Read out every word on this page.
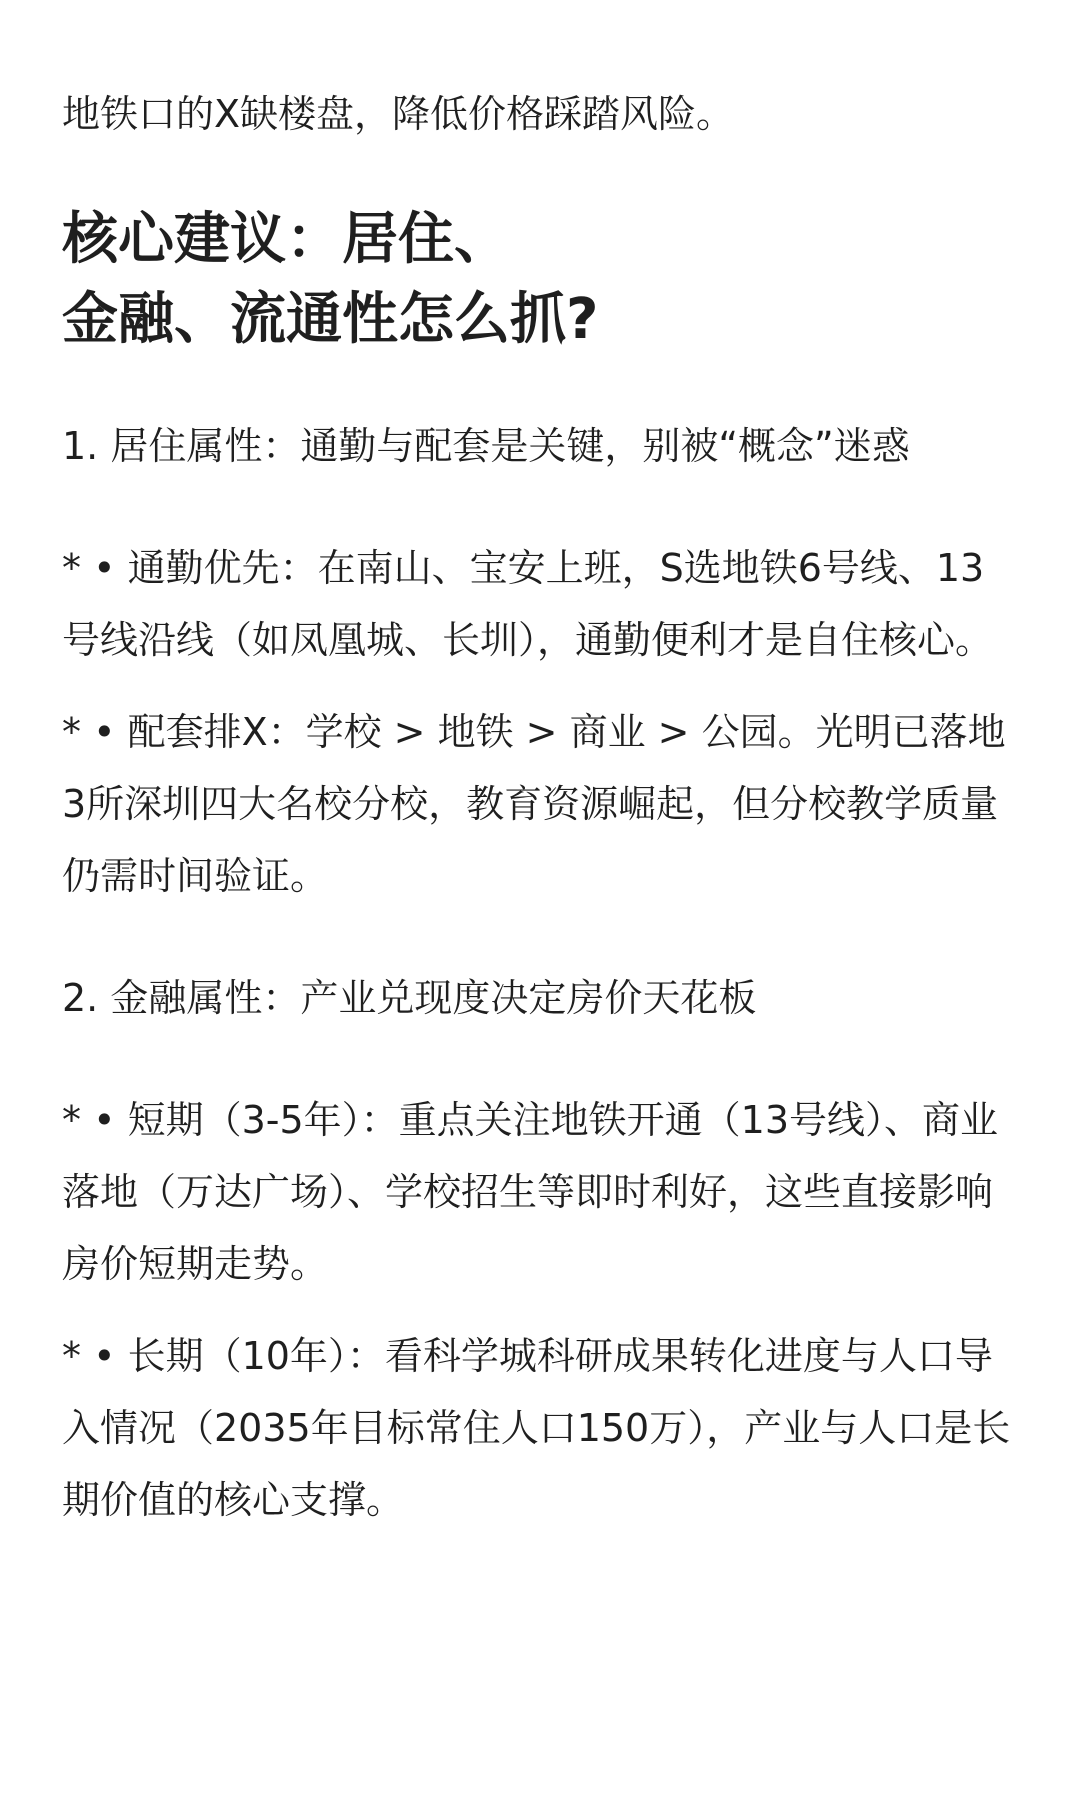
地铁口的X缺楼盘，降低价格踩踏风险。

核心建议：居住、
金融、流通性怎么抓?

1. 居住属性：通勤与配套是关键，别被“概念”迷惑

* • 通勤优先：在南山、宝安上班，S选地铁6号线、13号线沿线（如凤凰城、长圳），通勤便利才是自住核心。

* • 配套排X：学校 > 地铁 > 商业 > 公园。光明已落地3所深圳四大名校分校，教育资源崛起，但分校教学质量仍需时间验证。

2. 金融属性：产业兑现度决定房价天花板

* • 短期（3-5年）：重点关注地铁开通（13号线）、商业落地（万达广场）、学校招生等即时利好，这些直接影响房价短期走势。

* • 长期（10年）：看科学城科研成果转化进度与人口导入情况（2035年目标常住人口150万），产业与人口是长期价值的核心支撑。
